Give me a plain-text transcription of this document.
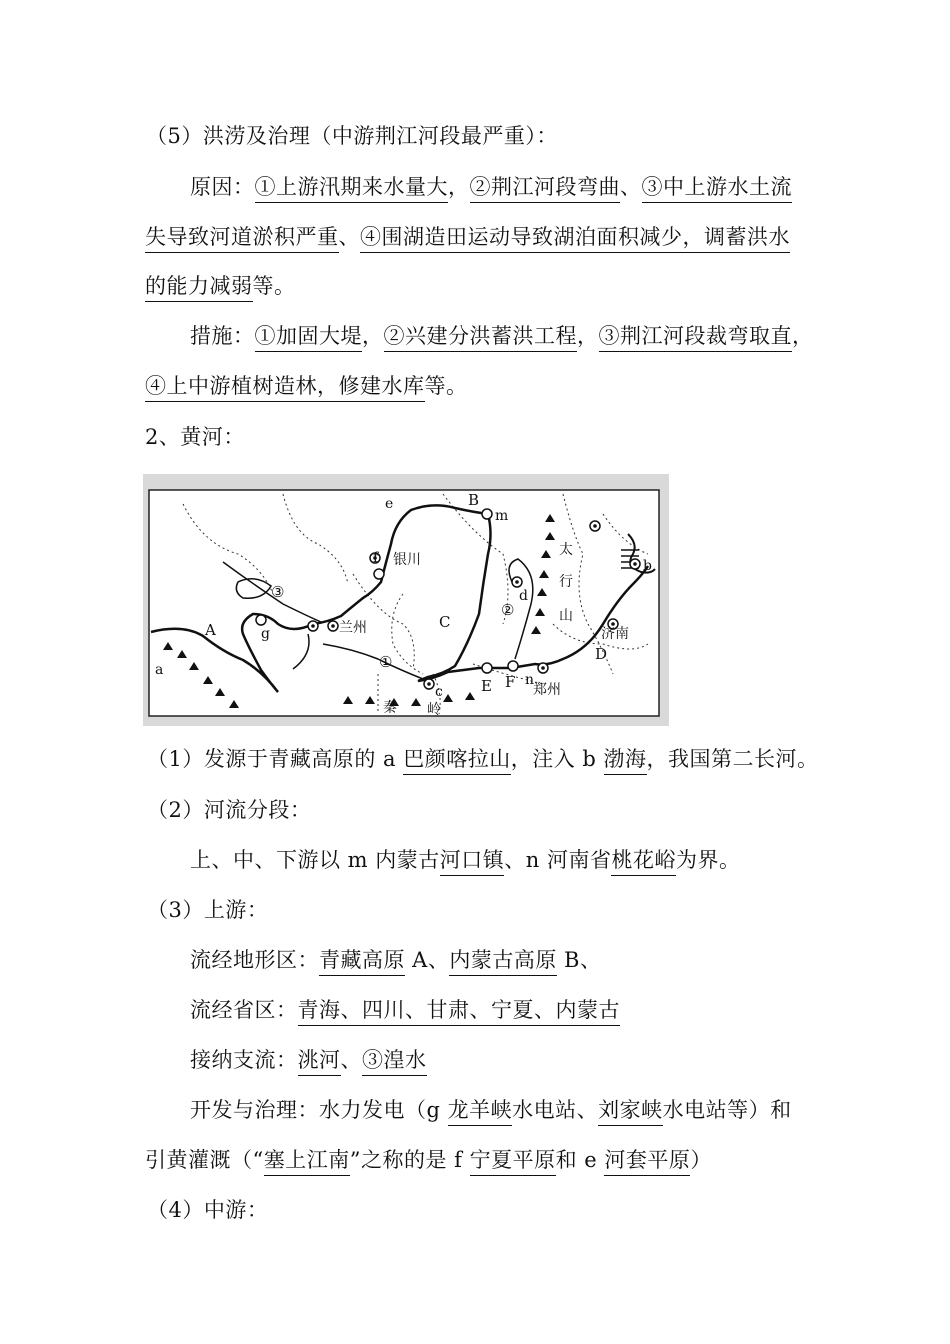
（5）洪涝及治理（中游荆江河段最严重）：
原因：①上游汛期来水量大，②荆江河段弯曲、③中上游水土流
失导致河道淤积严重、④围湖造田运动导致湖泊面积减少，调蓄洪水
的能力减弱等。
措施：①加固大堤，②兴建分洪蓄洪工程，③荆江河段裁弯取直，
④上中游植树造林，修建水库等。
2、黄河：
e	B
m
银川
f	太
行
山
b
③
A	g	兰州	C
②
d
济南
D
a	①
c	E F n
郑州
秦 岭
（1）发源于青藏高原的 a 巴颜喀拉山，注入 b 渤海，我国第二长河。
（2）河流分段：
上、中、下游以 m 内蒙古河口镇、n 河南省桃花峪为界。
（3）上游：
流经地形区：青藏高原 A、内蒙古高原 B、
流经省区：青海、四川、甘肃、宁夏、内蒙古
接纳支流：洮河、③湟水
开发与治理：水力发电（g 龙羊峡水电站、刘家峡水电站等）和
引黄灌溉（“塞上江南”之称的是 f 宁夏平原和 e 河套平原）
（4）中游：
